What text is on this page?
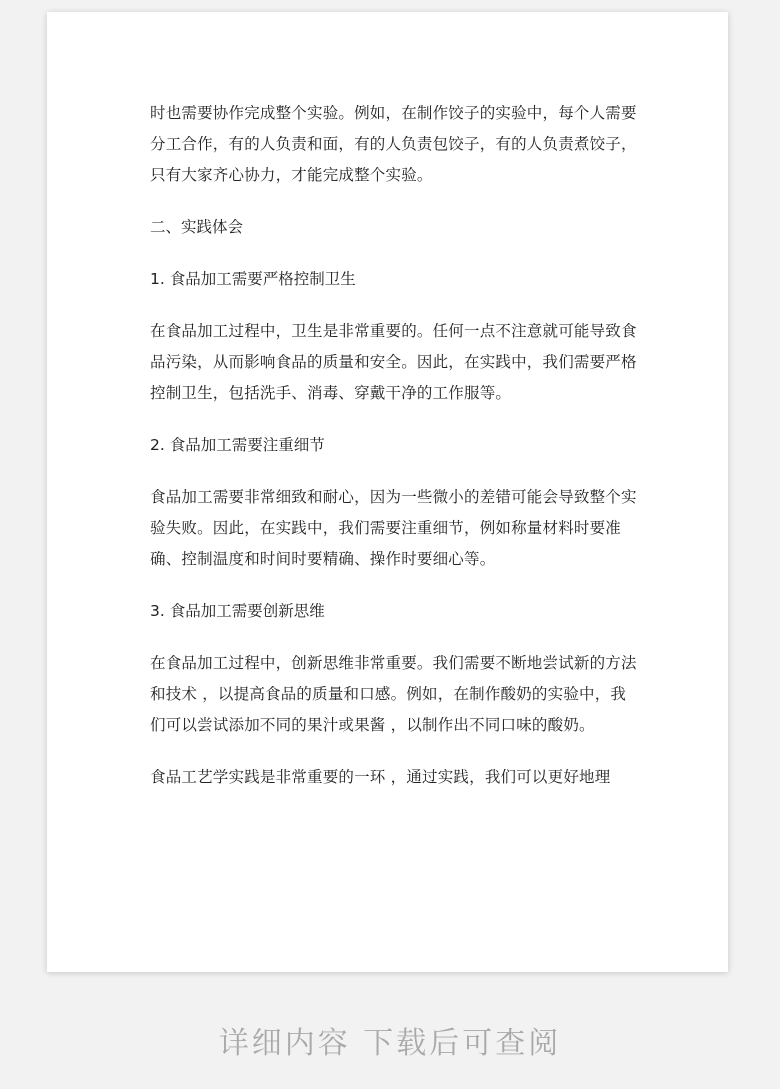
时也需要协作完成整个实验。例如，在制作饺子的实验中，每个人需要分工合作，有的人负责和面，有的人负责包饺子，有的人负责煮饺子，只有大家齐心协力，才能完成整个实验。

二、实践体会

1. 食品加工需要严格控制卫生

在食品加工过程中，卫生是非常重要的。任何一点不注意就可能导致食品污染，从而影响食品的质量和安全。因此，在实践中，我们需要严格控制卫生，包括洗手、消毒、穿戴干净的工作服等。

2. 食品加工需要注重细节

食品加工需要非常细致和耐心，因为一些微小的差错可能会导致整个实验失败。因此，在实践中，我们需要注重细节，例如称量材料时要准确、控制温度和时间时要精确、操作时要细心等。

3. 食品加工需要创新思维

在食品加工过程中，创新思维非常重要。我们需要不断地尝试新的方法和技术 ，以提高食品的质量和口感。例如，在制作酸奶的实验中，我们可以尝试添加不同的果汁或果酱 ，以制作出不同口味的酸奶。

食品工艺学实践是非常重要的一环 ，通过实践，我们可以更好地理

详细内容 下载后可查阅
